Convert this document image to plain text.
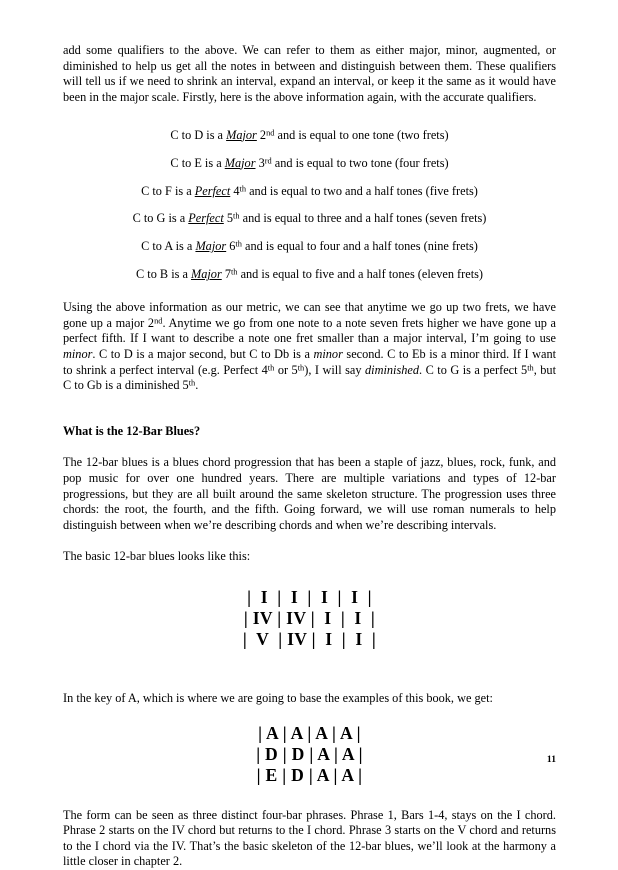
add some qualifiers to the above. We can refer to them as either major, minor, augmented, or diminished to help us get all the notes in between and distinguish between them. These qualifiers will tell us if we need to shrink an interval, expand an interval, or keep it the same as it would have been in the major scale. Firstly, here is the above information again, with the accurate qualifiers.

C to D is a Major 2nd and is equal to one tone (two frets)

C to E is a Major 3rd and is equal to two tone (four frets)

C to F is a Perfect 4th and is equal to two and a half tones (five frets)

C to G is a Perfect 5th and is equal to three and a half tones (seven frets)

C to A is a Major 6th and is equal to four and a half tones (nine frets)

C to B is a Major 7th and is equal to five and a half tones (eleven frets)

Using the above information as our metric, we can see that anytime we go up two frets, we have gone up a major 2nd. Anytime we go from one note to a note seven frets higher we have gone up a perfect fifth. If I want to describe a note one fret smaller than a major interval, I’m going to use minor. C to D is a major second, but C to Db is a minor second. C to Eb is a minor third. If I want to shrink a perfect interval (e.g. Perfect 4th or 5th), I will say diminished. C to G is a perfect 5th, but C to Gb is a diminished 5th.

What is the 12-Bar Blues?

The 12-bar blues is a blues chord progression that has been a staple of jazz, blues, rock, funk, and pop music for over one hundred years. There are multiple variations and types of 12-bar progressions, but they are all built around the same skeleton structure. The progression uses three chords: the root, the fourth, and the fifth. Going forward, we will use roman numerals to help distinguish between when we’re describing chords and when we’re describing intervals.

The basic 12-bar blues looks like this:

|  I  |  I  |  I  |  I  |
| IV | IV |  I  |  I  |
|  V  | IV |  I  |  I  |

In the key of A, which is where we are going to base the examples of this book, we get:

| A | A | A | A |
| D | D | A | A |
| E | D | A | A |

The form can be seen as three distinct four-bar phrases. Phrase 1, Bars 1-4, stays on the I chord. Phrase 2 starts on the IV chord but returns to the I chord. Phrase 3 starts on the V chord and returns to the I chord via the IV. That’s the basic skeleton of the 12-bar blues, we’ll look at the harmony a little closer in chapter 2.

11
